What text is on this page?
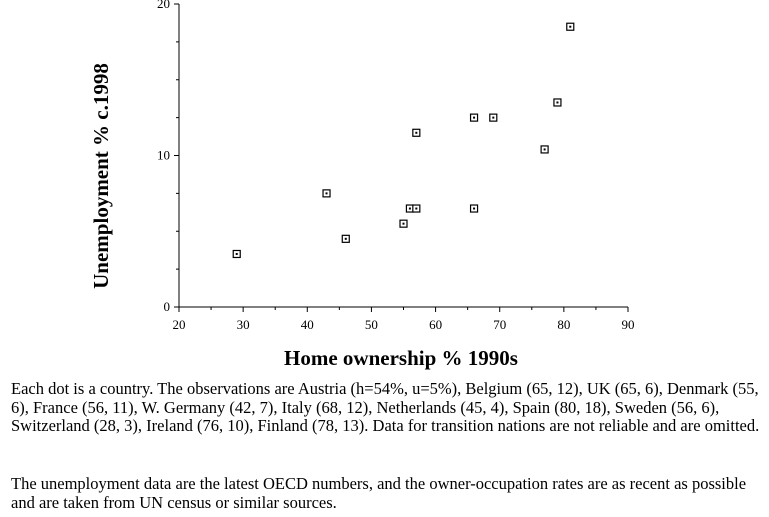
20	30	40	50	60	70	80	90
0
10
20
Home ownership % 1990s
Unemployment % c.1998

Each dot is a country. The observations are Austria (h=54%, u=5%), Belgium (65, 12), UK (65, 6), Denmark (55, 6), France (56, 11), W. Germany (42, 7), Italy (68, 12), Netherlands (45, 4), Spain (80, 18), Sweden (56, 6), Switzerland (28, 3), Ireland (76, 10), Finland (78, 13). Data for transition nations are not reliable and are omitted.

The unemployment data are the latest OECD numbers, and the owner-occupation rates are as recent as possible and are taken from UN census or similar sources.
